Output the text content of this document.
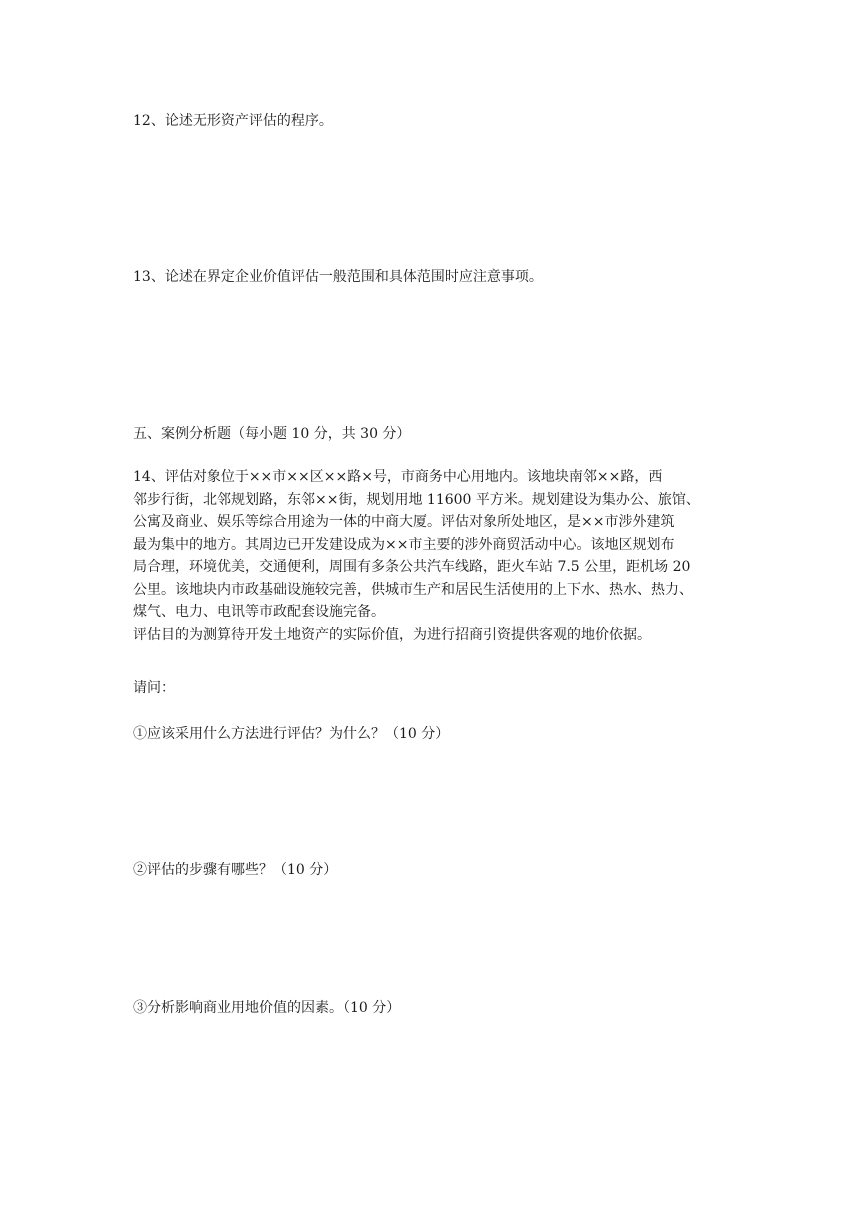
12、论述无形资产评估的程序。
13、论述在界定企业价值评估一般范围和具体范围时应注意事项。
五、案例分析题（每小题 10 分，共 30 分）
14、评估对象位于××市××区××路×号，市商务中心用地内。该地块南邻××路，西
邻步行街，北邻规划路，东邻××街，规划用地 11600 平方米。规划建设为集办公、旅馆、
公寓及商业、娱乐等综合用途为一体的中商大厦。评估对象所处地区，是××市涉外建筑
最为集中的地方。其周边已开发建设成为××市主要的涉外商贸活动中心。该地区规划布
局合理，环境优美，交通便利，周围有多条公共汽车线路，距火车站 7.5 公里，距机场 20
公里。该地块内市政基础设施较完善，供城市生产和居民生活使用的上下水、热水、热力、
煤气、电力、电讯等市政配套设施完备。
评估目的为测算待开发土地资产的实际价值，为进行招商引资提供客观的地价依据。
请问：
①应该采用什么方法进行评估？为什么？（10 分）
②评估的步骤有哪些？（10 分）
③分析影响商业用地价值的因素。（10 分）
